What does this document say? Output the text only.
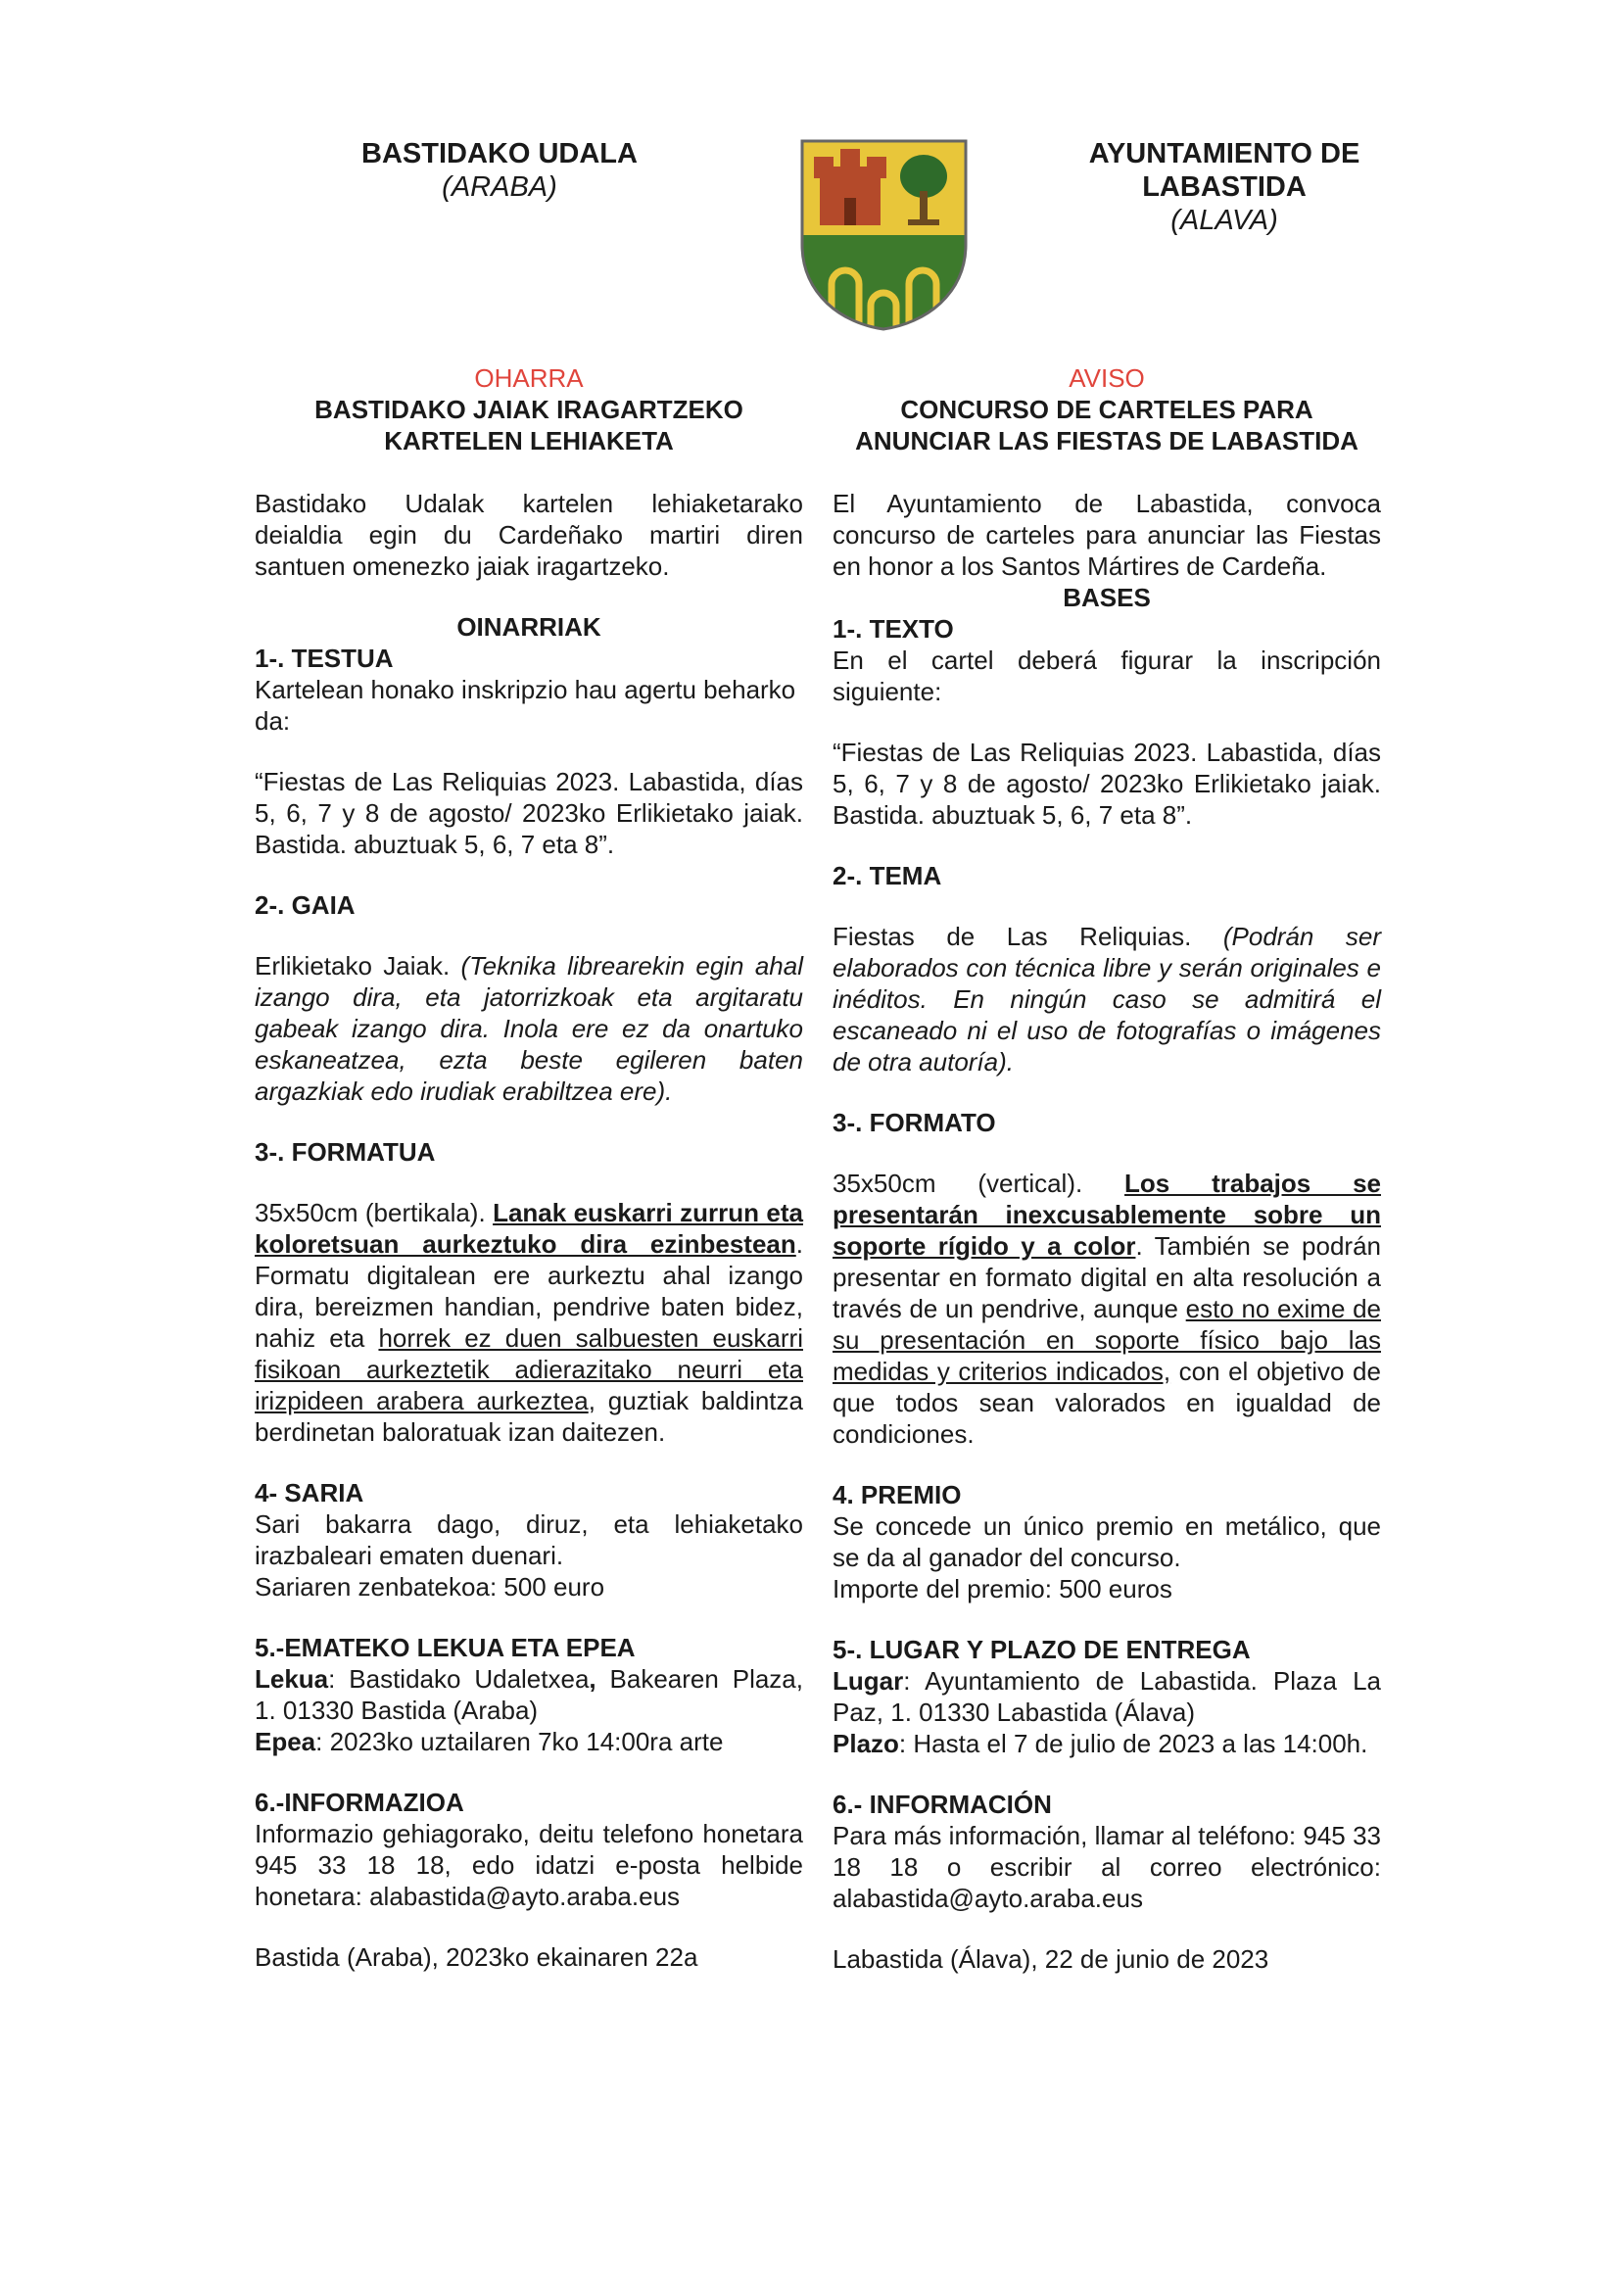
BASTIDAKO UDALA
(ARABA)
AYUNTAMIENTO DE
LABASTIDA
(ALAVA)
OHARRA
BASTIDAKO JAIAK IRAGARTZEKO
KARTELEN LEHIAKETA

Bastidako Udalak kartelen lehiaketarako deialdia egin du Cardeñako martiri diren santuen omenezko jaiak iragartzeko.

OINARRIAK
1-. TESTUA

Kartelean honako inskripzio hau agertu beharko da:

“Fiestas de Las Reliquias 2023. Labastida, días 5, 6, 7 y 8 de agosto/ 2023ko Erlikietako jaiak. Bastida. abuztuak 5, 6, 7 eta 8”.

2-. GAIA

Erlikietako Jaiak. (Teknika librearekin egin ahal izango dira, eta jatorrizkoak eta argitaratu gabeak izango dira. Inola ere ez da onartuko eskaneatzea, ezta beste egileren baten argazkiak edo irudiak erabiltzea ere).

3-. FORMATUA

35x50cm (bertikala). Lanak euskarri zurrun eta koloretsuan aurkeztuko dira ezinbestean. Formatu digitalean ere aurkeztu ahal izango dira, bereizmen handian, pendrive baten bidez, nahiz eta horrek ez duen salbuesten euskarri fisikoan aurkeztetik adierazitako neurri eta irizpideen arabera aurkeztea, guztiak baldintza berdinetan baloratuak izan daitezen.

4- SARIA

Sari bakarra dago, diruz, eta lehiaketako irazbaleari ematen duenari.

Sariaren zenbatekoa: 500 euro

5.-EMATEKO LEKUA ETA EPEA

Lekua: Bastidako Udaletxea, Bakearen Plaza, 1. 01330 Bastida (Araba)

Epea: 2023ko uztailaren 7ko 14:00ra arte

6.-INFORMAZIOA

Informazio gehiagorako, deitu telefono honetara 945 33 18 18, edo idatzi e-posta helbide honetara: alabastida@ayto.araba.eus

Bastida (Araba), 2023ko ekainaren 22a

AVISO
CONCURSO DE CARTELES PARA
ANUNCIAR LAS FIESTAS DE LABASTIDA

El Ayuntamiento de Labastida, convoca concurso de carteles para anunciar las Fiestas en honor a los Santos Mártires de Cardeña.

BASES
1-. TEXTO

En el cartel deberá figurar la inscripción siguiente:

“Fiestas de Las Reliquias 2023. Labastida, días 5, 6, 7 y 8 de agosto/ 2023ko Erlikietako jaiak. Bastida. abuztuak 5, 6, 7 eta 8”.

2-. TEMA

Fiestas de Las Reliquias. (Podrán ser elaborados con técnica libre y serán originales e inéditos. En ningún caso se admitirá el escaneado ni el uso de fotografías o imágenes de otra autoría).

3-. FORMATO

35x50cm (vertical). Los trabajos se presentarán inexcusablemente sobre un soporte rígido y a color. También se podrán presentar en formato digital en alta resolución a través de un pendrive, aunque esto no exime de su presentación en soporte físico bajo las medidas y criterios indicados, con el objetivo de que todos sean valorados en igualdad de condiciones.

4. PREMIO

Se concede un único premio en metálico, que se da al ganador del concurso.

Importe del premio: 500 euros

5-. LUGAR Y PLAZO DE ENTREGA

Lugar: Ayuntamiento de Labastida. Plaza La Paz, 1. 01330 Labastida (Álava)

Plazo: Hasta el 7 de julio de 2023 a las 14:00h.

6.- INFORMACIÓN

Para más información, llamar al teléfono: 945 33 18 18 o escribir al correo electrónico: alabastida@ayto.araba.eus

Labastida (Álava), 22 de junio de 2023
